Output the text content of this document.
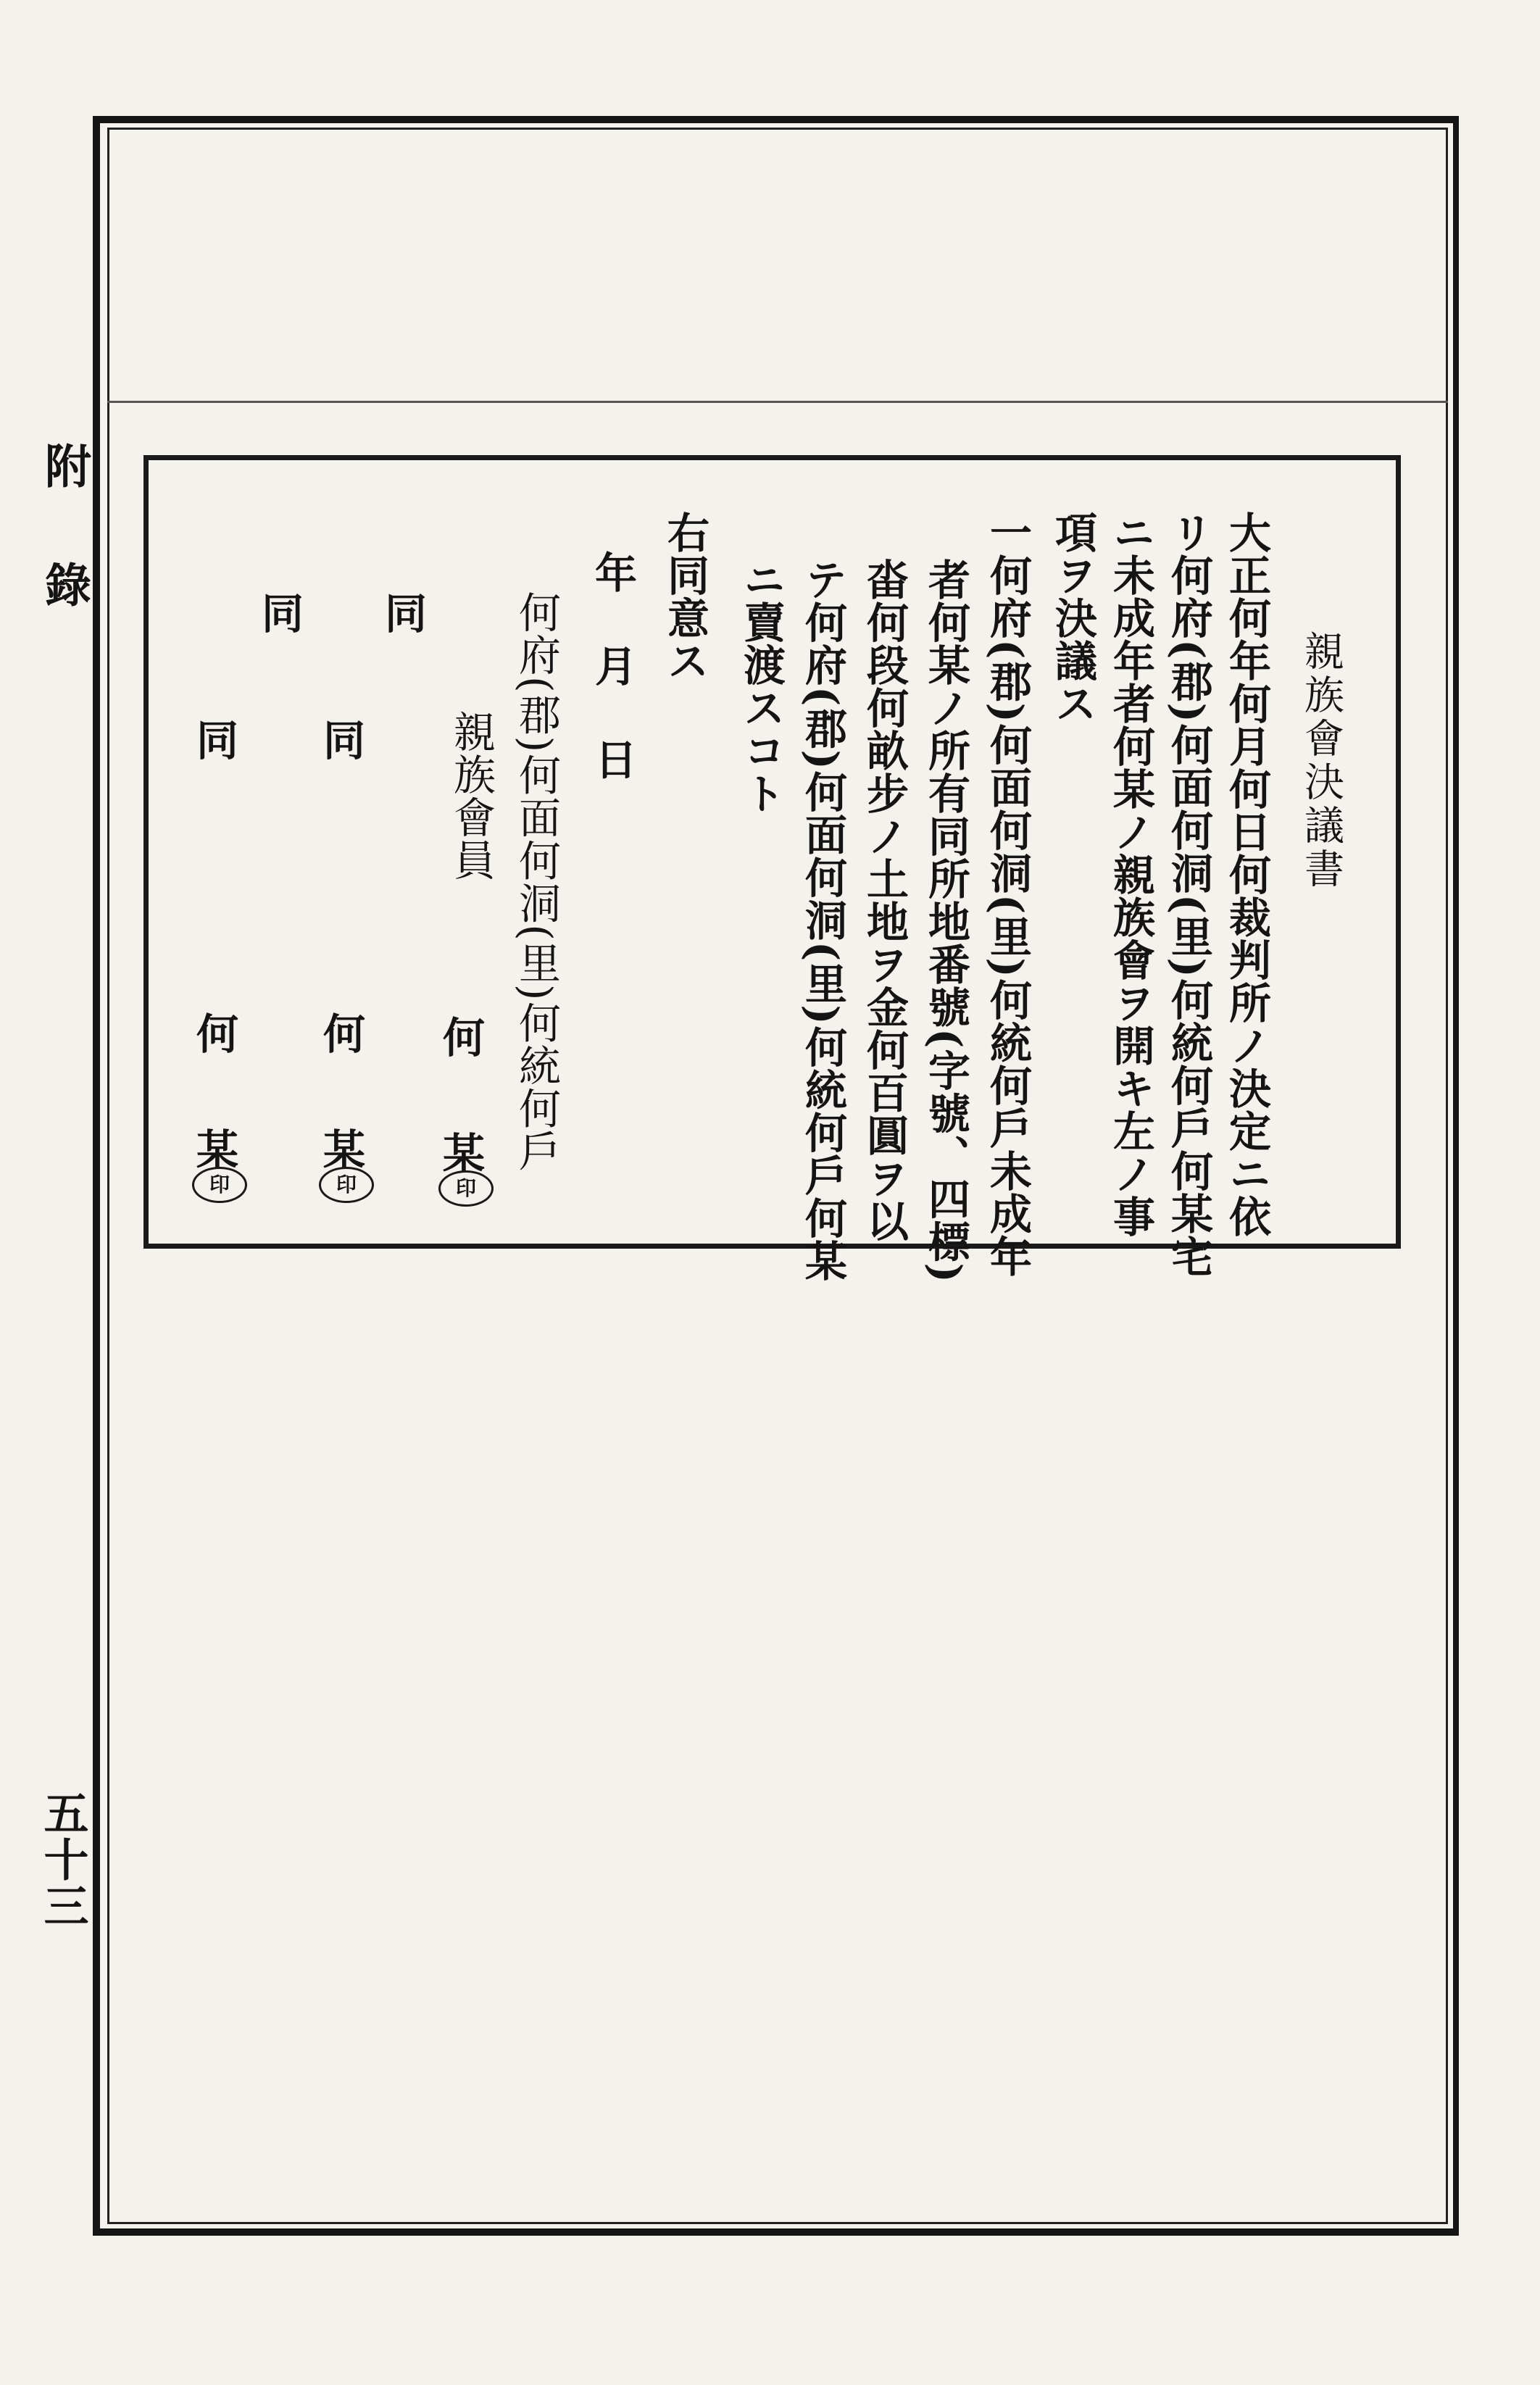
附錄
五十三
親族會決議書
大正何年何月何日何裁判所ノ決定ニ依
リ何府(郡)何面何洞(里)何統何戶何某宅
ニ未成年者何某ノ親族會ヲ開キ左ノ事
項ヲ決議ス
一何府(郡)何面何洞(里)何統何戶未成年
者何某ノ所有同所地番號(字號、四標)
畓何段何畝步ノ土地ヲ金何百圓ヲ以
テ何府(郡)何面何洞(里)何統何戶何某
ニ賣渡スコト
右同意ス
年月日
何府(郡)何面何洞(里)何統何戶
親族會員
何
某
印
同
同
何
某
印
同
同
何
某
印
